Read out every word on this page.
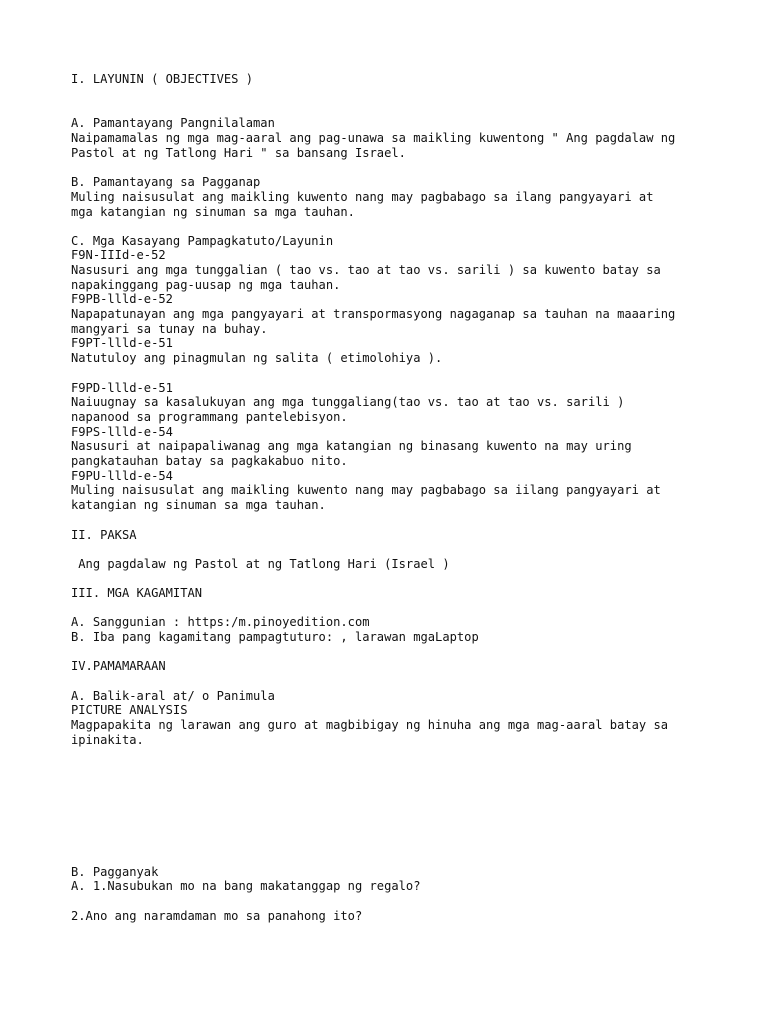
I. LAYUNIN ( OBJECTIVES )

A. Pamantayang Pangnilalaman

Naipamamalas ng mga mag-aaral ang pag-unawa sa maikling kuwentong " Ang pagdalaw ng

Pastol at ng Tatlong Hari " sa bansang Israel.

B. Pamantayang sa Pagganap

Muling naisusulat ang maikling kuwento nang may pagbabago sa ilang pangyayari at

mga katangian ng sinuman sa mga tauhan.

C. Mga Kasayang Pampagkatuto/Layunin

F9N-IIId-e-52

Nasusuri ang mga tunggalian ( tao vs. tao at tao vs. sarili ) sa kuwento batay sa

napakinggang pag-uusap ng mga tauhan.

F9PB-llld-e-52

Napapatunayan ang mga pangyayari at transpormasyong nagaganap sa tauhan na maaaring

mangyari sa tunay na buhay.

F9PT-llld-e-51

Natutuloy ang pinagmulan ng salita ( etimolohiya ).

F9PD-llld-e-51

Naiuugnay sa kasalukuyan ang mga tunggaliang(tao vs. tao at tao vs. sarili )

napanood sa programmang pantelebisyon.

F9PS-llld-e-54

Nasusuri at naipapaliwanag ang mga katangian ng binasang kuwento na may uring

pangkatauhan batay sa pagkakabuo nito.

F9PU-llld-e-54

Muling naisusulat ang maikling kuwento nang may pagbabago sa iilang pangyayari at

katangian ng sinuman sa mga tauhan.

II. PAKSA

Ang pagdalaw ng Pastol at ng Tatlong Hari (Israel )

III. MGA KAGAMITAN

A. Sanggunian : https:/m.pinoyedition.com

B. Iba pang kagamitang pampagtuturo: , larawan mgaLaptop

IV.PAMAMARAAN

A. Balik-aral at/ o Panimula

PICTURE ANALYSIS

Magpapakita ng larawan ang guro at magbibigay ng hinuha ang mga mag-aaral batay sa

ipinakita.

B. Pagganyak

A. 1.Nasubukan mo na bang makatanggap ng regalo?

2.Ano ang naramdaman mo sa panahong ito?
